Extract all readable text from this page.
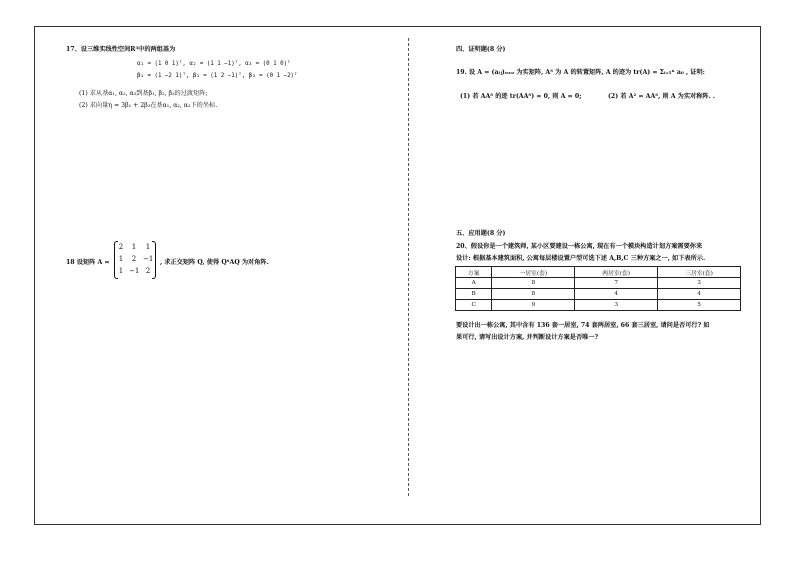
17、设三维实线性空间R³中的两组基为
α₁ = (1 0 1)ᵀ, α₂ = (1 1 −1)ᵀ, α₃ = (0 1 0)ᵀ
β₁ = (1 −2 1)ᵀ, β₂ = (1 2 −1)ᵀ, β₃ = (0 1 −2)ᵀ
(1) 求从基α₁, α₂, α₃到基β₁, β₂, β₃的过渡矩阵;
(2) 求向量η = 3β₂ + 2β₃在基α₁, α₂, α₃下的坐标.
18 设矩阵 A =
2	1	1
1	2 −1
1 −1 2
, 求正交矩阵 Q, 使得 QᵀAQ 为对角阵.
四、证明题(8 分)
19. 设 A = (aᵢⱼ)ₙₓₙ 为实矩阵, Aᵀ 为 A 的转置矩阵, A 的迹为 tr(A) = Σᵢ₌₁ⁿ aᵢᵢ , 证明:
(1) 若 AAᵀ 的迹 tr(AAᵀ) = 0, 则 A = 0;	(2) 若 A² = AAᵀ, 则 A 为实对称阵. .
五、应用题(8 分)
20、假设你是一个建筑师, 某小区要建设一栋公寓, 现在有一个模块构造计划方案需要你来
设计: 根据基本建筑面积, 公寓每层楼设置户型可选下述 A,B,C 三种方案之一, 如下表所示.
方案	一居室(套)	两居室(套)	三居室(套)
A	8	7	3
B	8	4	4
C	9	3	5
要设计出一栋公寓, 其中含有 136 套一居室, 74 套两居室, 66 套三居室, 请问是否可行? 如
果可行, 请写出设计方案, 并判断设计方案是否唯一?
